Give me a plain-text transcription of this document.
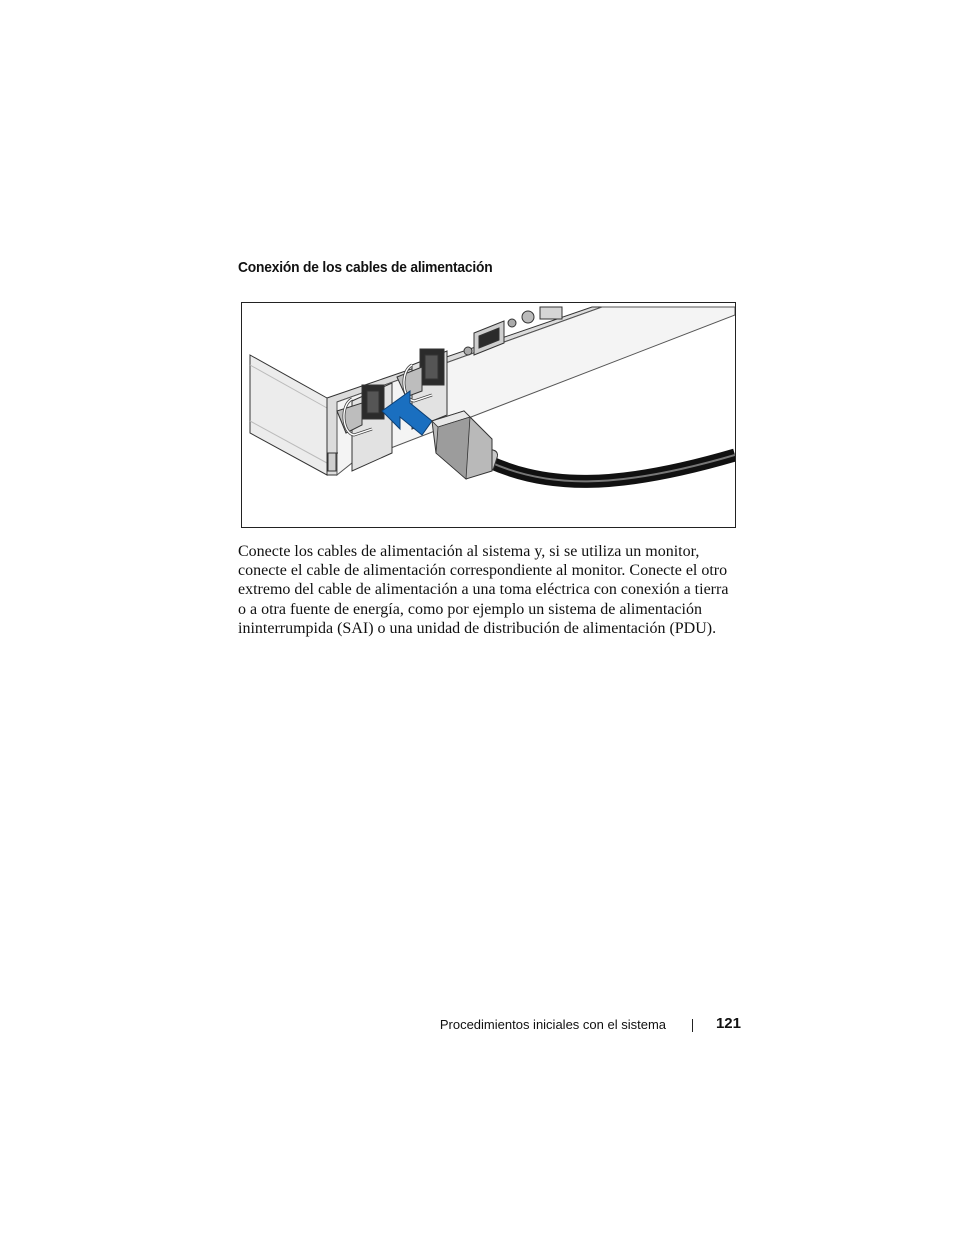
Conexión de los cables de alimentación

Conecte los cables de alimentación al sistema y, si se utiliza un monitor,
conecte el cable de alimentación correspondiente al monitor. Conecte el otro
extremo del cable de alimentación a una toma eléctrica con conexión a tierra
o a otra fuente de energía, como por ejemplo un sistema de alimentación
ininterrumpida (SAI) o una unidad de distribución de alimentación (PDU).

Procedimientos iniciales con el sistema	121
